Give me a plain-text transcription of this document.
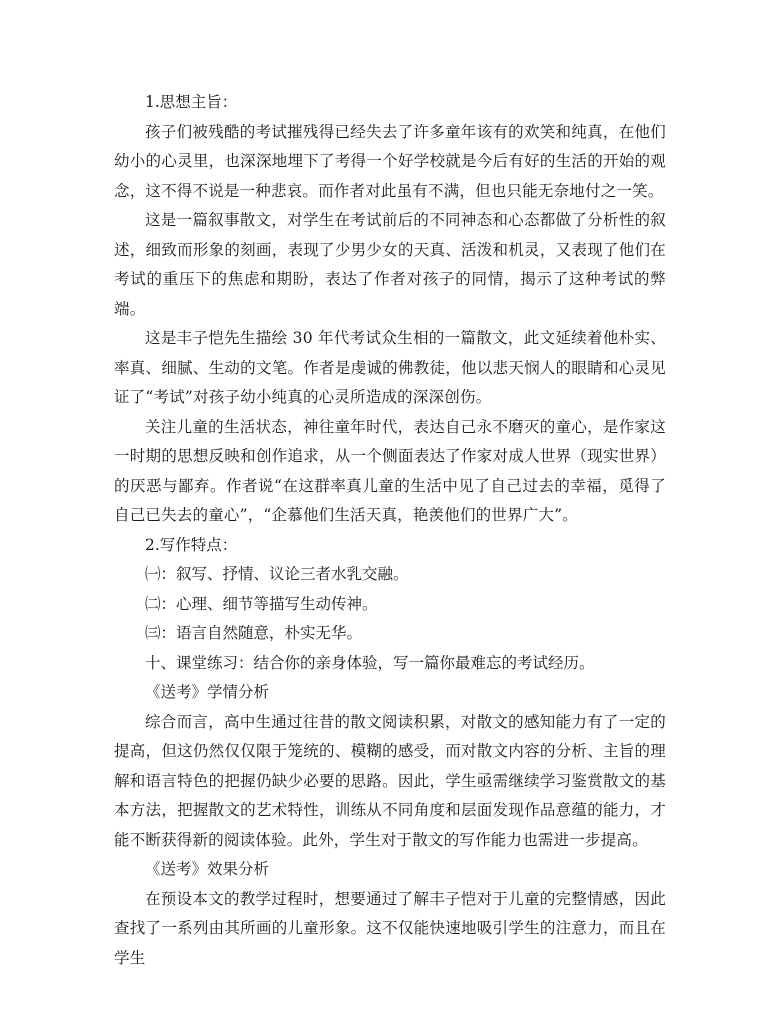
1.思想主旨：

孩子们被残酷的考试摧残得已经失去了许多童年该有的欢笑和纯真，在他们幼小的心灵里，也深深地埋下了考得一个好学校就是今后有好的生活的开始的观念，这不得不说是一种悲哀。而作者对此虽有不满，但也只能无奈地付之一笑。

这是一篇叙事散文，对学生在考试前后的不同神态和心态都做了分析性的叙述，细致而形象的刻画，表现了少男少女的天真、活泼和机灵，又表现了他们在考试的重压下的焦虑和期盼，表达了作者对孩子的同情，揭示了这种考试的弊端。

这是丰子恺先生描绘 30 年代考试众生相的一篇散文，此文延续着他朴实、率真、细腻、生动的文笔。作者是虔诚的佛教徒，他以悲天悯人的眼睛和心灵见证了“考试”对孩子幼小纯真的心灵所造成的深深创伤。

关注儿童的生活状态，神往童年时代，表达自己永不磨灭的童心，是作家这一时期的思想反映和创作追求，从一个侧面表达了作家对成人世界（现实世界）的厌恶与鄙弃。作者说“在这群率真儿童的生活中见了自己过去的幸福，觅得了自己已失去的童心”，“企慕他们生活天真，艳羡他们的世界广大”。

2.写作特点：

㈠：叙写、抒情、议论三者水乳交融。

㈡：心理、细节等描写生动传神。

㈢：语言自然随意，朴实无华。

十、课堂练习：结合你的亲身体验，写一篇你最难忘的考试经历。

《送考》学情分析

综合而言，高中生通过往昔的散文阅读积累，对散文的感知能力有了一定的提高，但这仍然仅仅限于笼统的、模糊的感受，而对散文内容的分析、主旨的理解和语言特色的把握仍缺少必要的思路。因此，学生亟需继续学习鉴赏散文的基本方法，把握散文的艺术特性，训练从不同角度和层面发现作品意蕴的能力，才能不断获得新的阅读体验。此外，学生对于散文的写作能力也需进一步提高。

《送考》效果分析

在预设本文的教学过程时，想要通过了解丰子恺对于儿童的完整情感，因此查找了一系列由其所画的儿童形象。这不仅能快速地吸引学生的注意力，而且在学生
